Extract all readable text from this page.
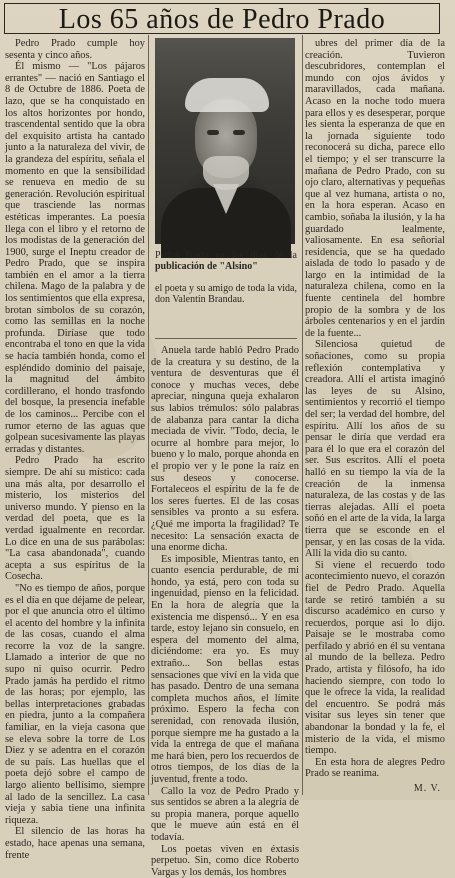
Los 65 años de Pedro Prado

Pedro Prado cumple hoy sesenta y cinco años.

Él mismo — "Los pájaros errantes" — nació en Santiago el 8 de Octubre de 1886. Poeta de lazo, que se ha conquistado en los altos horizontes por hondo, trascendental sentido que la obra del exquisito artista ha cantado junto a la naturaleza del vivir, de la grandeza del espíritu, señala el momento en que la sensibilidad se renueva en medio de su generación. Revolución espiritual que trasciende las normas estéticas imperantes. La poesía llega con el libro y el retorno de los modistas de la generación del 1900, surge el Ineptu creador de Pedro Prado, que se inspira también en el amor a la tierra chilena. Mago de la palabra y de los sentimientos que ella expresa, brotan símbolos de su corazón, como las semillas en la noche profunda. Diríase que todo encontraba el tono en que la vida se hacía también honda, como el espléndido dominio del paisaje, la magnitud del ámbito cordillerano, el hondo trasfondo del bosque, la presencia inefable de los caminos... Percibe con el rumor eterno de las aguas que golpean sucesivamente las playas erradas y distantes.

Pedro Prado ha escrito siempre. De ahí su místico: cada una más alta, por desarrollo el misterio, los misterios del universo mundo. Y pienso en la verdad del poeta, que es la verdad igualmente en recordar. Lo dice en una de sus parábolas: "La casa abandonada", cuando acepta a sus espíritus de la Cosecha.

"No es tiempo de años, porque es el día en que déjame de pelear, por el que anuncia otro el último el acento del hombre y la infinita de las cosas, cuando el alma recorre la voz de la sangre. Llamado a interior de que no supo ni quiso ocurrir. Pedro Prado jamás ha perdido el ritmo de las horas; por ejemplo, las bellas interpretaciones grabadas en piedra, junto a la compañera familiar, en la vieja casona que se eleva sobre la torre de Los Diez y se adentra en el corazón de su país. Las huellas que el poeta dejó sobre el campo de largo aliento bellísimo, siempre al lado de la sencillez. La casa vieja y sabia tiene una infinita riqueza.

El silencio de las horas ha estado, hace apenas una semana, frente

Pedro Prado en los días de la publicación de "Alsino"

el poeta y su amigo de toda la vida, don Valentín Brandau.

Anuela tarde habló Pedro Prado de la creatura y su destino, de la ventura de desventuras que él conoce y muchas veces, debe apreciar, ninguna queja exhalaron sus labios trémulos: sólo palabras de alabanza para cantar la dicha meciada de vivir. "Todo, decía, le ocurre al hombre para mejor, lo bueno y lo malo, porque ahonda en el propio ver y le pone la raíz en sus deseos y conocerse. Fortaleceos el espíritu de la fe de los seres fuertes. El de las cosas sensibles va pronto a su esfera. ¿Qué me importa la fragilidad? Te necesito: La sensación exacta de una enorme dicha.

Es imposible, Mientras tanto, en cuanto esencia perdurable, de mi hondo, ya está, pero con toda su ingenuidad, pienso en la felicidad. En la hora de alegría que la existencia me dispensó... Y en esa tarde, estoy lejano sin consuelo, en espera del momento del alma, diciéndome: era yo. Es muy extraño... Son bellas estas sensaciones que viví en la vida que has pasado. Dentro de una semana completa muchos años, el límite próximo. Espero la fecha con serenidad, con renovada ilusión, porque siempre me ha gustado a la vida la entrega de que el mañana me hará bien, pero los recuerdos de otros tiempos, de los días de la juventud, frente a todo.

Callo la voz de Pedro Prado y sus sentidos se abren a la alegría de su propia manera, porque aquello que le mueve aún está en él todavía.

Los poetas viven en éxtasis perpetuo. Sin, como dice Roberto Vargas y los demás, los hombres

ubres del primer día de la creación. Tuvieron descubridores, contemplan el mundo con ojos ávidos y maravillados, cada mañana. Acaso en la noche todo muera para ellos y es desesperar, porque les sienta la esperanza de que en la jornada siguiente todo reconocerá su dicha, parece ello el tiempo; y el ser transcurre la mañana de Pedro Prado, con su ojo claro, alternativas y pequeñas que al vez humana, artista o no, en la hora esperan. Acaso en cambio, soñaba la ilusión, y la ha guardado lealmente, valiosamente. En esa señorial residencia, que se ha quedado aislada de todo lo pasado y de largo en la intimidad de la naturaleza chilena, como en la fuente centinela del hombre propio de la sombra y de los árboles centenarios y en el jardín de la fuente...

Silenciosa quietud de soñaciones, como su propia reflexión contemplativa y creadora. Allí el artista imaginó las leyes de su Alsino, sentimientos y recorrió el tiempo del ser; la verdad del hombre, del espíritu. Allí los años de su pensar le diría que verdad era para él lo que era el corazón del ser. Sus escritos. Allí el poeta halló en su tiempo la vía de la creación de la inmensa naturaleza, de las costas y de las tierras alejadas. Allí el poeta soñó en el arte de la vida, la larga tierra que se esconde en el pensar, y en las cosas de la vida. Allí la vida dio su canto.

Si viene el recuerdo todo acontecimiento nuevo, el corazón fiel de Pedro Prado. Aquella tarde se retiró también a su discurso académico en curso y recuerdos, porque asi lo dijo. Paisaje se le mostraba como perfilado y abrió en él su ventana al mundo de la belleza. Pedro Prado, artista y filósofo, ha ido haciendo siempre, con todo lo que le ofrece la vida, la realidad del encuentro. Se podrá más visitar sus leyes sin tener que abandonar la bondad y la fe, el misterio de la vida, el mismo tiempo.

En esta hora de alegres Pedro Prado se reanima.

M. V.
